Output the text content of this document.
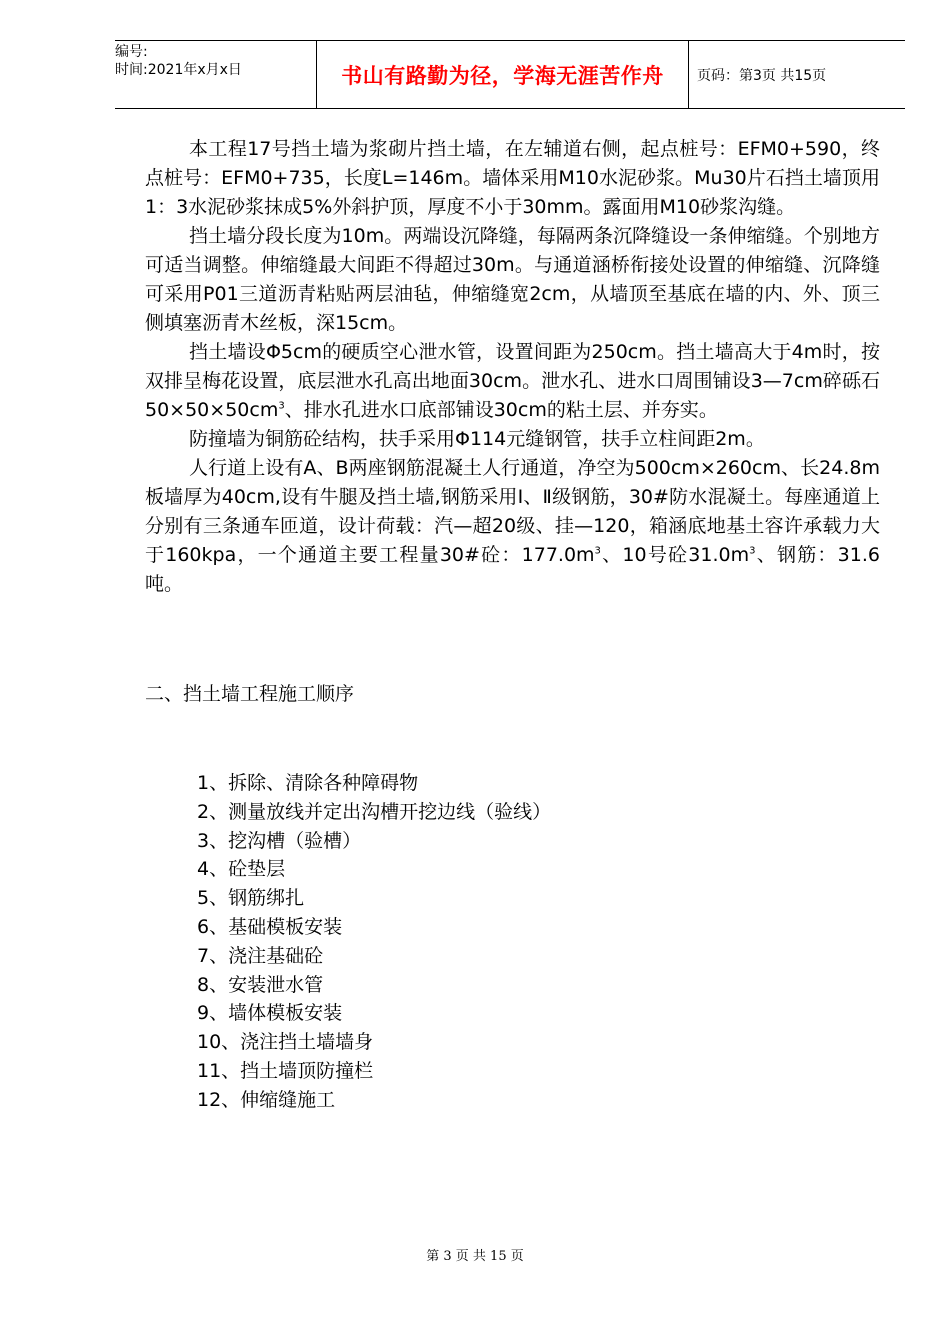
编号:
时间:2021年x月x日	书山有路勤为径，学海无涯苦作舟	页码：第3页 共15页

本工程17号挡土墙为浆砌片挡土墙，在左辅道右侧，起点桩号：EFM0+590，终点桩号：EFM0+735，长度L=146m。墙体采用M10水泥砂浆。Mu30片石挡土墙顶用1：3水泥砂浆抹成5%外斜护顶，厚度不小于30mm。露面用M10砂浆沟缝。

挡土墙分段长度为10m。两端设沉降缝，每隔两条沉降缝设一条伸缩缝。个别地方可适当调整。伸缩缝最大间距不得超过30m。与通道涵桥衔接处设置的伸缩缝、沉降缝可采用P01三道沥青粘贴两层油毡，伸缩缝宽2cm，从墙顶至基底在墙的内、外、顶三侧填塞沥青木丝板，深15cm。

挡土墙设Φ5cm的硬质空心泄水管，设置间距为250cm。挡土墙高大于4m时，按双排呈梅花设置，底层泄水孔高出地面30cm。泄水孔、进水口周围铺设3—7cm碎砾石$50\times 50\times 50cm^3$、排水孔进水口底部铺设30cm的粘土层、并夯实。

防撞墙为铜筋砼结构，扶手采用Φ114元缝钢管，扶手立柱间距2m。

人行道上设有A、B两座钢筋混凝土人行通道，净空为500cm×260cm、长24.8m板墙厚为40cm,设有牛腿及挡土墙,钢筋采用Ⅰ、Ⅱ级钢筋，30#防水混凝土。每座通道上分别有三条通车匝道，设计荷载：汽—超20级、挂—120，箱涵底地基土容许承载力大于160kpa，一个通道主要工程量30#砼：$177.0m^3$、10号砼$31.0m^3$、钢筋：31.6吨。

二、挡土墙工程施工顺序
1、拆除、清除各种障碍物
2、测量放线并定出沟槽开挖边线（验线）
3、挖沟槽（验槽）
4、砼垫层
5、钢筋绑扎
6、基础模板安装
7、浇注基础砼
8、安装泄水管
9、墙体模板安装
10、浇注挡土墙墙身
11、挡土墙顶防撞栏
12、伸缩缝施工
第 3 页 共 15 页
